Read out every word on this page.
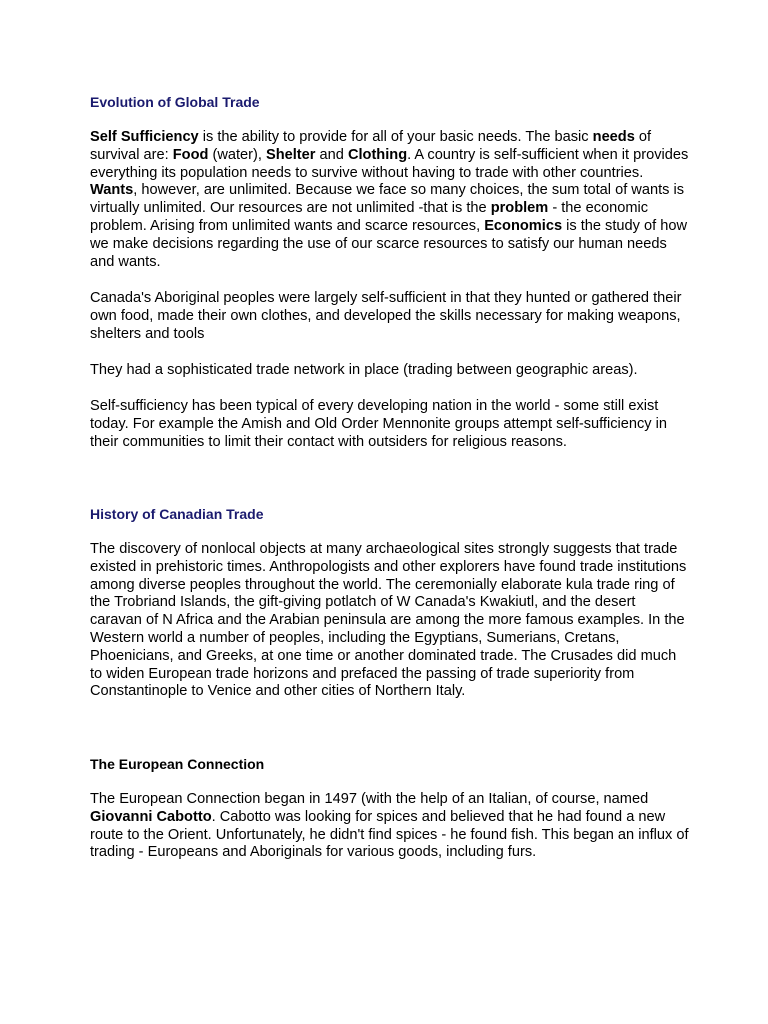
Evolution of Global Trade

Self Sufficiency is the ability to provide for all of your basic needs. The basic needs of survival are: Food (water), Shelter and Clothing. A country is self-sufficient when it provides everything its population needs to survive without having to trade with other countries. Wants, however, are unlimited. Because we face so many choices, the sum total of wants is virtually unlimited. Our resources are not unlimited -that is the problem - the economic problem. Arising from unlimited wants and scarce resources, Economics is the study of how we make decisions regarding the use of our scarce resources to satisfy our human needs and wants.

Canada's Aboriginal peoples were largely self-sufficient in that they hunted or gathered their own food, made their own clothes, and developed the skills necessary for making weapons, shelters and tools

They had a sophisticated trade network in place (trading between geographic areas).

Self-sufficiency has been typical of every developing nation in the world - some still exist today. For example the Amish and Old Order Mennonite groups attempt self-sufficiency in their communities to limit their contact with outsiders for religious reasons.

History of Canadian Trade

The discovery of nonlocal objects at many archaeological sites strongly suggests that trade existed in prehistoric times. Anthropologists and other explorers have found trade institutions among diverse peoples throughout the world. The ceremonially elaborate kula trade ring of the Trobriand Islands, the gift-giving potlatch of W Canada's Kwakiutl, and the desert caravan of N Africa and the Arabian peninsula are among the more famous examples. In the Western world a number of peoples, including the Egyptians, Sumerians, Cretans, Phoenicians, and Greeks, at one time or another dominated trade. The Crusades did much to widen European trade horizons and prefaced the passing of trade superiority from Constantinople to Venice and other cities of Northern Italy.

The European Connection

The European Connection began in 1497 (with the help of an Italian, of course, named Giovanni Cabotto. Cabotto was looking for spices and believed that he had found a new route to the Orient. Unfortunately, he didn't find spices - he found fish. This began an influx of trading - Europeans and Aboriginals for various goods, including furs.
